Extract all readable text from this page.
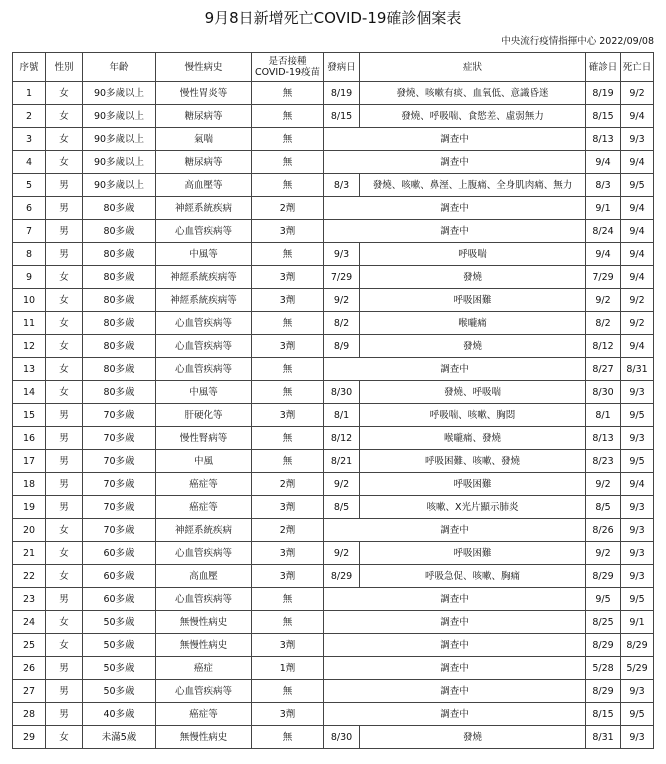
9月8日新增死亡COVID-19確診個案表
中央流行疫情指揮中心 2022/09/08
序號	性別	年齡	慢性病史	是否接種COVID-19疫苗	發病日	症狀	確診日	死亡日
1	女	90多歲以上	慢性胃炎等	無	8/19	發燒、咳嗽有痰、血氧低、意識昏迷	8/19	9/2
2	女	90多歲以上	糖尿病等	無	8/15	發燒、呼吸喘、食慾差、虛弱無力	8/15	9/4
3	女	90多歲以上	氣喘	無	調查中		8/13	9/3
4	女	90多歲以上	糖尿病等	無	調查中		9/4	9/4
5	男	90多歲以上	高血壓等	無	8/3	發燒、咳嗽、鼻溼、上腹痛、全身肌肉痛、無力	8/3	9/5
6	男	80多歲	神經系統疾病	2劑	調查中		9/1	9/4
7	男	80多歲	心血管疾病等	3劑	調查中		8/24	9/4
8	男	80多歲	中風等	無	9/3	呼吸喘	9/4	9/4
9	女	80多歲	神經系統疾病等	3劑	7/29	發燒	7/29	9/4
10	女	80多歲	神經系統疾病等	3劑	9/2	呼吸困難	9/2	9/2
11	女	80多歲	心血管疾病等	無	8/2	喉嚨痛	8/2	9/2
12	女	80多歲	心血管疾病等	3劑	8/9	發燒	8/12	9/4
13	女	80多歲	心血管疾病等	無	調查中		8/27	8/31
14	女	80多歲	中風等	無	8/30	發燒、呼吸喘	8/30	9/3
15	男	70多歲	肝硬化等	3劑	8/1	呼吸喘、咳嗽、胸悶	8/1	9/5
16	男	70多歲	慢性腎病等	無	8/12	喉嚨痛、發燒	8/13	9/3
17	男	70多歲	中風	無	8/21	呼吸困難、咳嗽、發燒	8/23	9/5
18	男	70多歲	癌症等	2劑	9/2	呼吸困難	9/2	9/4
19	男	70多歲	癌症等	3劑	8/5	咳嗽、X光片顯示肺炎	8/5	9/3
20	女	70多歲	神經系統疾病	2劑	調查中		8/26	9/3
21	女	60多歲	心血管疾病等	3劑	9/2	呼吸困難	9/2	9/3
22	女	60多歲	高血壓	3劑	8/29	呼吸急促、咳嗽、胸痛	8/29	9/3
23	男	60多歲	心血管疾病等	無	調查中		9/5	9/5
24	女	50多歲	無慢性病史	無	調查中		8/25	9/1
25	女	50多歲	無慢性病史	3劑	調查中		8/29	8/29
26	男	50多歲	癌症	1劑	調查中		5/28	5/29
27	男	50多歲	心血管疾病等	無	調查中		8/29	9/3
28	男	40多歲	癌症等	3劑	調查中		8/15	9/5
29	女	未滿5歲	無慢性病史	無	8/30	發燒	8/31	9/3
